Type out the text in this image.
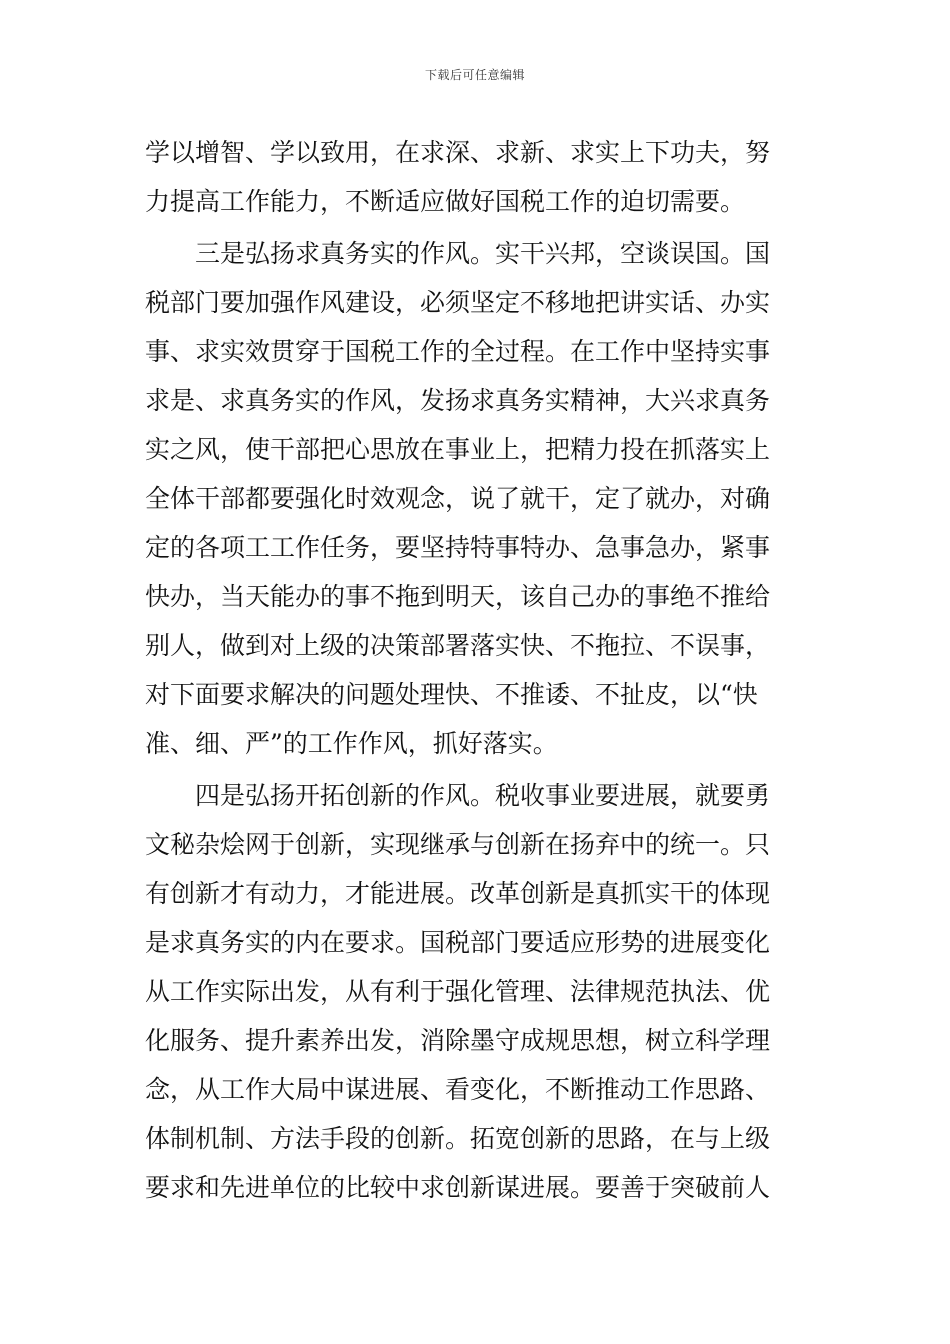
下载后可任意编辑
学以增智、学以致用，在求深、求新、求实上下功夫，努
力提高工作能力，不断适应做好国税工作的迫切需要。
三是弘扬求真务实的作风。实干兴邦，空谈误国。国
税部门要加强作风建设，必须坚定不移地把讲实话、办实
事、求实效贯穿于国税工作的全过程。在工作中坚持实事
求是、求真务实的作风，发扬求真务实精神，大兴求真务
实之风，使干部把心思放在事业上，把精力投在抓落实上
全体干部都要强化时效观念，说了就干，定了就办，对确
定的各项工工作任务，要坚持特事特办、急事急办，紧事
快办，当天能办的事不拖到明天，该自己办的事绝不推给
别人，做到对上级的决策部署落实快、不拖拉、不误事，
对下面要求解决的问题处理快、不推诿、不扯皮，以“快
准、细、严”的工作作风，抓好落实。
四是弘扬开拓创新的作风。税收事业要进展，就要勇
文秘杂烩网于创新，实现继承与创新在扬弃中的统一。只
有创新才有动力，才能进展。改革创新是真抓实干的体现
是求真务实的内在要求。国税部门要适应形势的进展变化
从工作实际出发，从有利于强化管理、法律规范执法、优
化服务、提升素养出发，消除墨守成规思想，树立科学理
念，从工作大局中谋进展、看变化，不断推动工作思路、
体制机制、方法手段的创新。拓宽创新的思路，在与上级
要求和先进单位的比较中求创新谋进展。要善于突破前人
